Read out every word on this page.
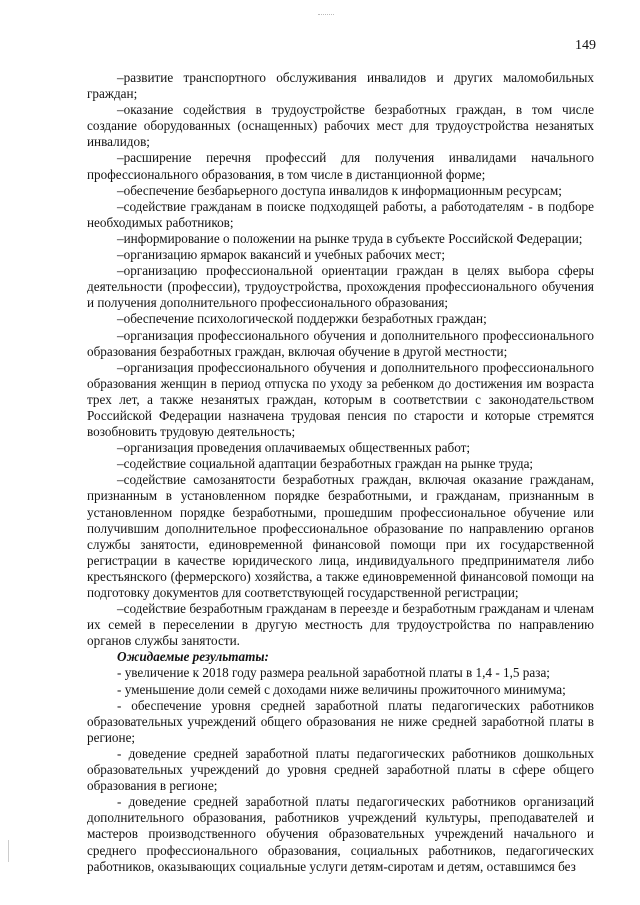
149

–развитие транспортного обслуживания инвалидов и других маломобильных граждан;

–оказание содействия в трудоустройстве безработных граждан, в том числе создание оборудованных (оснащенных) рабочих мест для трудоустройства незанятых инвалидов;

–расширение перечня профессий для получения инвалидами начального профессионального образования, в том числе в дистанционной форме;

–обеспечение безбарьерного доступа инвалидов к информационным ресурсам;

–содействие гражданам в поиске подходящей работы, а работодателям - в подборе необходимых работников;

–информирование о положении на рынке труда в субъекте Российской Федерации;

–организацию ярмарок вакансий и учебных рабочих мест;

–организацию профессиональной ориентации граждан в целях выбора сферы деятельности (профессии), трудоустройства, прохождения профессионального обучения и получения дополнительного профессионального образования;

–обеспечение психологической поддержки безработных граждан;

–организация профессионального обучения и дополнительного профессионального образования безработных граждан, включая обучение в другой местности;

–организация профессионального обучения и дополнительного профессионального образования женщин в период отпуска по уходу за ребенком до достижения им возраста трех лет, а также незанятых граждан, которым в соответствии с законодательством Российской Федерации назначена трудовая пенсия по старости и которые стремятся возобновить трудовую деятельность;

–организация проведения оплачиваемых общественных работ;

–содействие социальной адаптации безработных граждан на рынке труда;

–содействие самозанятости безработных граждан, включая оказание гражданам, признанным в установленном порядке безработными, и гражданам, признанным в установленном порядке безработными, прошедшим профессиональное обучение или получившим дополнительное профессиональное образование по направлению органов службы занятости, единовременной финансовой помощи при их государственной регистрации в качестве юридического лица, индивидуального предпринимателя либо крестьянского (фермерского) хозяйства, а также единовременной финансовой помощи на подготовку документов для соответствующей государственной регистрации;

–содействие безработным гражданам в переезде и безработным гражданам и членам их семей в переселении в другую местность для трудоустройства по направлению органов службы занятости.

Ожидаемые результаты:

- увеличение к 2018 году размера реальной заработной платы в 1,4 - 1,5 раза;

- уменьшение доли семей с доходами ниже величины прожиточного минимума;

- обеспечение уровня средней заработной платы педагогических работников образовательных учреждений общего образования не ниже средней заработной платы в регионе;

- доведение средней заработной платы педагогических работников дошкольных образовательных учреждений до уровня средней заработной платы в сфере общего образования в регионе;

- доведение средней заработной платы педагогических работников организаций дополнительного образования, работников учреждений культуры, преподавателей и мастеров производственного обучения образовательных учреждений начального и среднего профессионального образования, социальных работников, педагогических работников, оказывающих социальные услуги детям-сиротам и детям, оставшимся без
